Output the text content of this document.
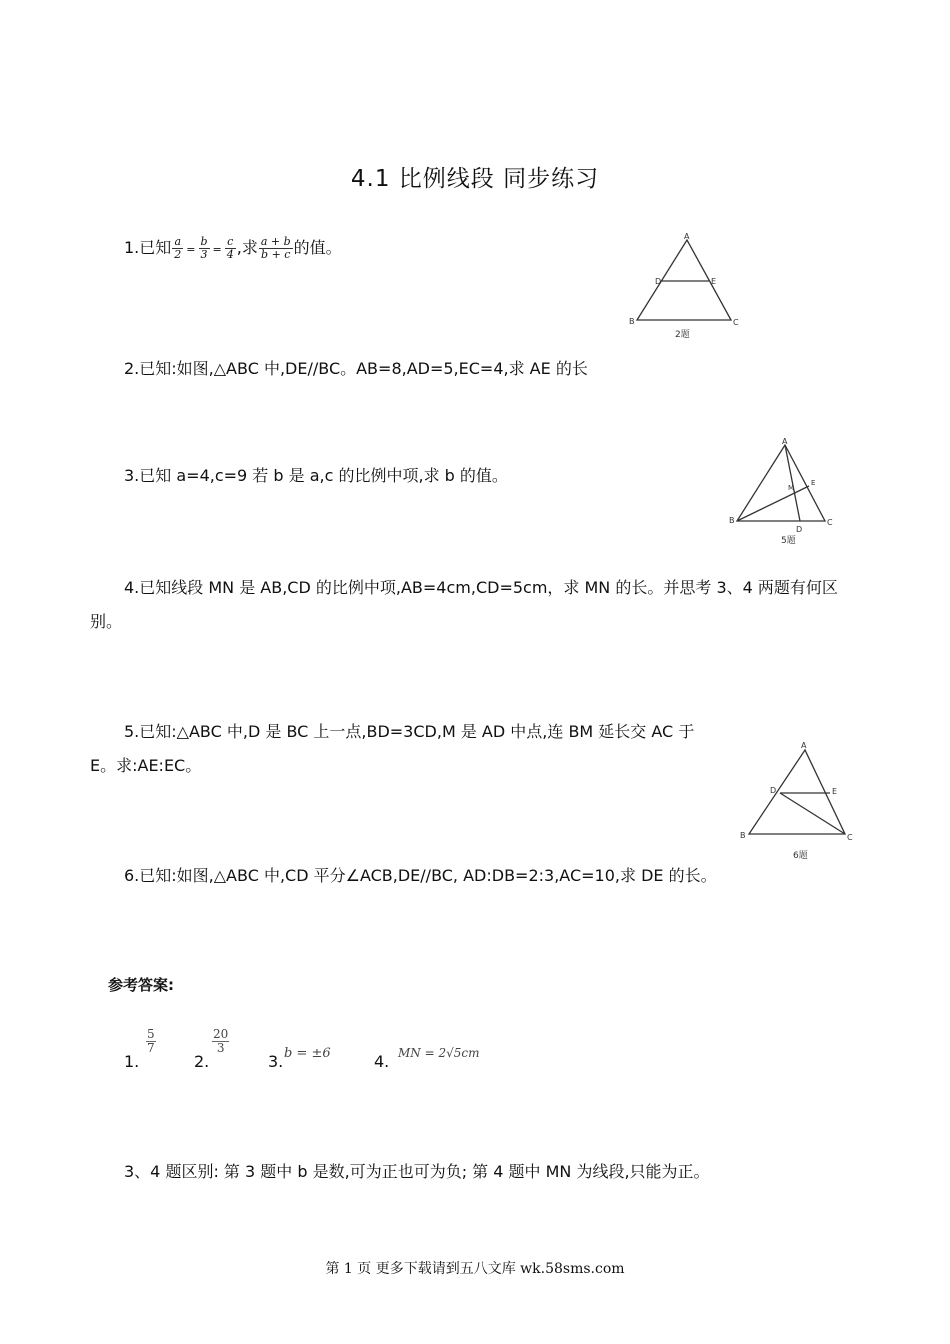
4.1 比例线段 同步练习
1.已知 $\frac{a}{2} = \frac{b}{3} = \frac{c}{4}$ ,求 $\frac{a + b}{b + c}$ 的值。
A
D	E
B	C
2题
2.已知:如图,△ABC 中,DE//BC。AB=8,AD=5,EC=4,求 AE 的长
A
M
E
B
D
C
5题
3.已知 a=4,c=9 若 b 是 a,c 的比例中项,求 b 的值。
4.已知线段 MN 是 AB,CD 的比例中项,AB=4cm,CD=5cm，求 MN 的长。并思考 3、4 两题有何区
别。
5.已知:△ABC 中,D 是 BC 上一点,BD=3CD,M 是 AD 中点,连 BM 延长交 AC 于
E。求:AE:EC。
A
D	E
B	C
6题
6.已知:如图,△ABC 中,CD 平分∠ACB,DE//BC, AD:DB=2:3,AC=10,求 DE 的长。
参考答案:
1.
$\frac{5}{7}$
2.
$\frac{20}{3}$
3. b = ±6	4. MN = 2√5cm
3、4 题区别: 第 3 题中 b 是数,可为正也可为负; 第 4 题中 MN 为线段,只能为正。
第 1 页 更多下载请到五八文库 wk.58sms.com
